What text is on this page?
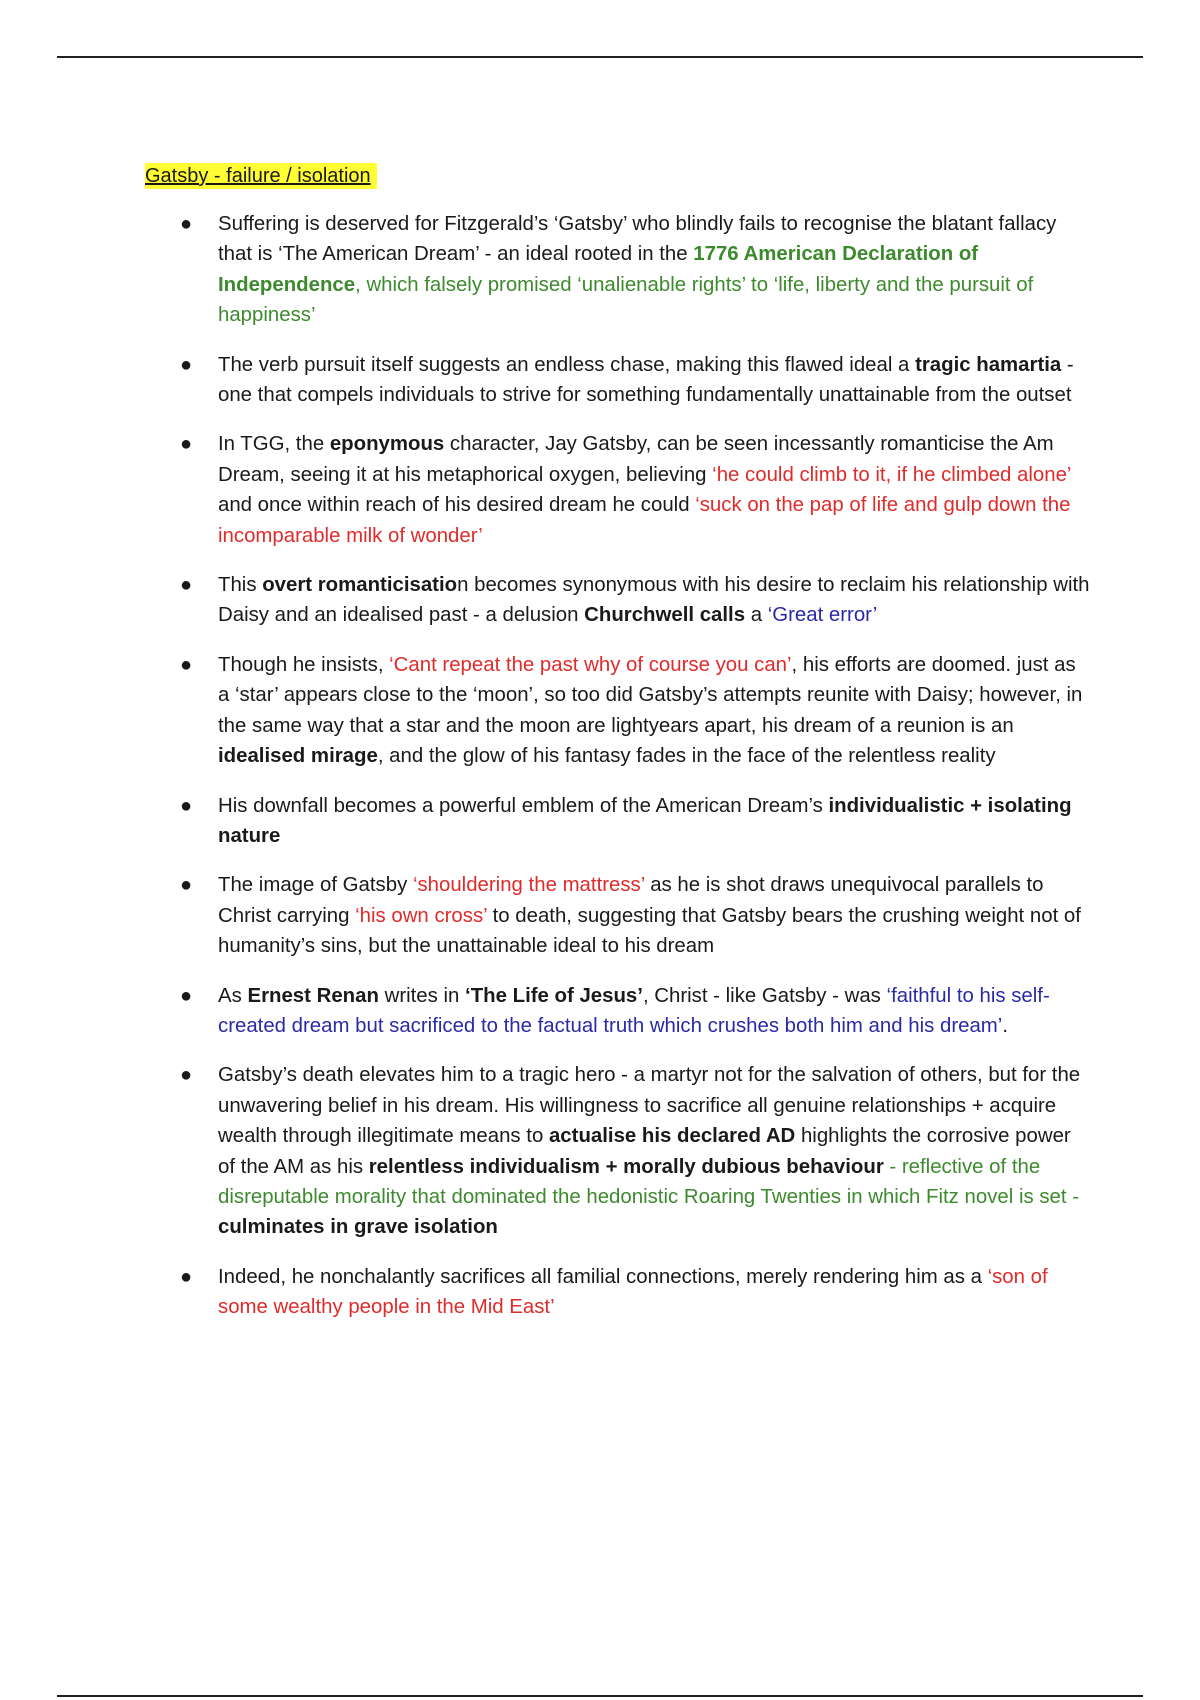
Gatsby - failure / isolation
● Suffering is deserved for Fitzgerald’s ‘Gatsby’ who blindly fails to recognise the blatant fallacy that is ‘The American Dream’ - an ideal rooted in the 1776 American Declaration of Independence, which falsely promised ‘unalienable rights’ to ‘life, liberty and the pursuit of happiness’
● The verb pursuit itself suggests an endless chase, making this flawed ideal a tragic hamartia - one that compels individuals to strive for something fundamentally unattainable from the outset
● In TGG, the eponymous character, Jay Gatsby, can be seen incessantly romanticise the Am Dream, seeing it at his metaphorical oxygen, believing ‘he could climb to it, if he climbed alone’ and once within reach of his desired dream he could ‘suck on the pap of life and gulp down the incomparable milk of wonder’
● This overt romanticisation becomes synonymous with his desire to reclaim his relationship with Daisy and an idealised past - a delusion Churchwell calls a ‘Great error’
● Though he insists, ‘Cant repeat the past why of course you can’, his efforts are doomed. just as a ‘star’ appears close to the ‘moon’, so too did Gatsby’s attempts reunite with Daisy; however, in the same way that a star and the moon are lightyears apart, his dream of a reunion is an idealised mirage, and the glow of his fantasy fades in the face of the relentless reality
● His downfall becomes a powerful emblem of the American Dream’s individualistic + isolating nature
● The image of Gatsby ‘shouldering the mattress’ as he is shot draws unequivocal parallels to Christ carrying ‘his own cross’ to death, suggesting that Gatsby bears the crushing weight not of humanity’s sins, but the unattainable ideal to his dream
● As Ernest Renan writes in ‘The Life of Jesus’, Christ - like Gatsby - was ‘faithful to his self-created dream but sacrificed to the factual truth which crushes both him and his dream’.
● Gatsby’s death elevates him to a tragic hero - a martyr not for the salvation of others, but for the unwavering belief in his dream. His willingness to sacrifice all genuine relationships + acquire wealth through illegitimate means to actualise his declared AD highlights the corrosive power of the AM as his relentless individualism + morally dubious behaviour - reflective of the disreputable morality that dominated the hedonistic Roaring Twenties in which Fitz novel is set - culminates in grave isolation
● Indeed, he nonchalantly sacrifices all familial connections, merely rendering him as a ‘son of some wealthy people in the Mid East’
